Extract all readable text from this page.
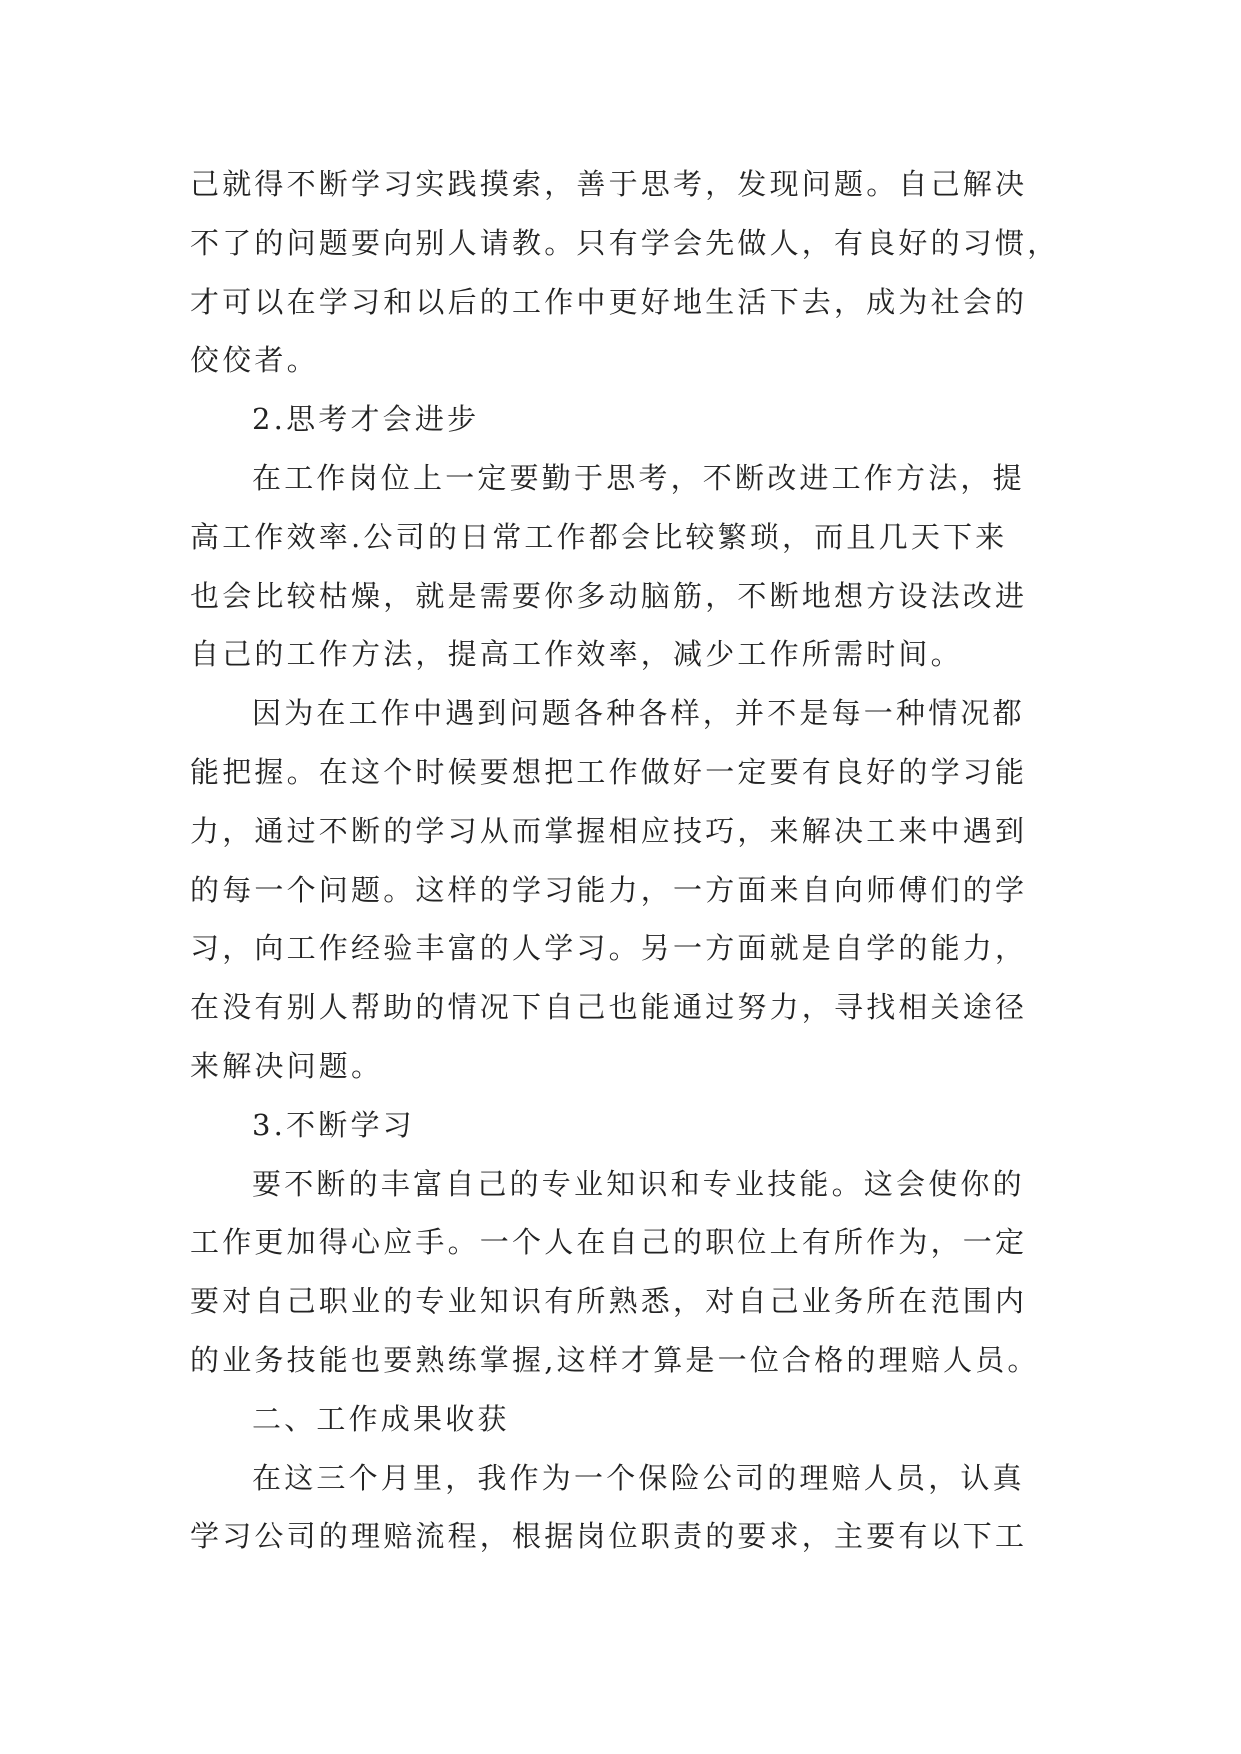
己就得不断学习实践摸索，善于思考，发现问题。自己解决
不了的问题要向别人请教。只有学会先做人，有良好的习惯，
才可以在学习和以后的工作中更好地生活下去，成为社会的
佼佼者。
2.思考才会进步
在工作岗位上一定要勤于思考，不断改进工作方法，提
高工作效率.公司的日常工作都会比较繁琐，而且几天下来
也会比较枯燥，就是需要你多动脑筋，不断地想方设法改进
自己的工作方法，提高工作效率，减少工作所需时间。
因为在工作中遇到问题各种各样，并不是每一种情况都
能把握。在这个时候要想把工作做好一定要有良好的学习能
力，通过不断的学习从而掌握相应技巧，来解决工来中遇到
的每一个问题。这样的学习能力，一方面来自向师傅们的学
习，向工作经验丰富的人学习。另一方面就是自学的能力，
在没有别人帮助的情况下自己也能通过努力，寻找相关途径
来解决问题。
3.不断学习
要不断的丰富自己的专业知识和专业技能。这会使你的
工作更加得心应手。一个人在自己的职位上有所作为，一定
要对自己职业的专业知识有所熟悉，对自己业务所在范围内
的业务技能也要熟练掌握,这样才算是一位合格的理赔人员。
二、工作成果收获
在这三个月里，我作为一个保险公司的理赔人员，认真
学习公司的理赔流程，根据岗位职责的要求，主要有以下工
